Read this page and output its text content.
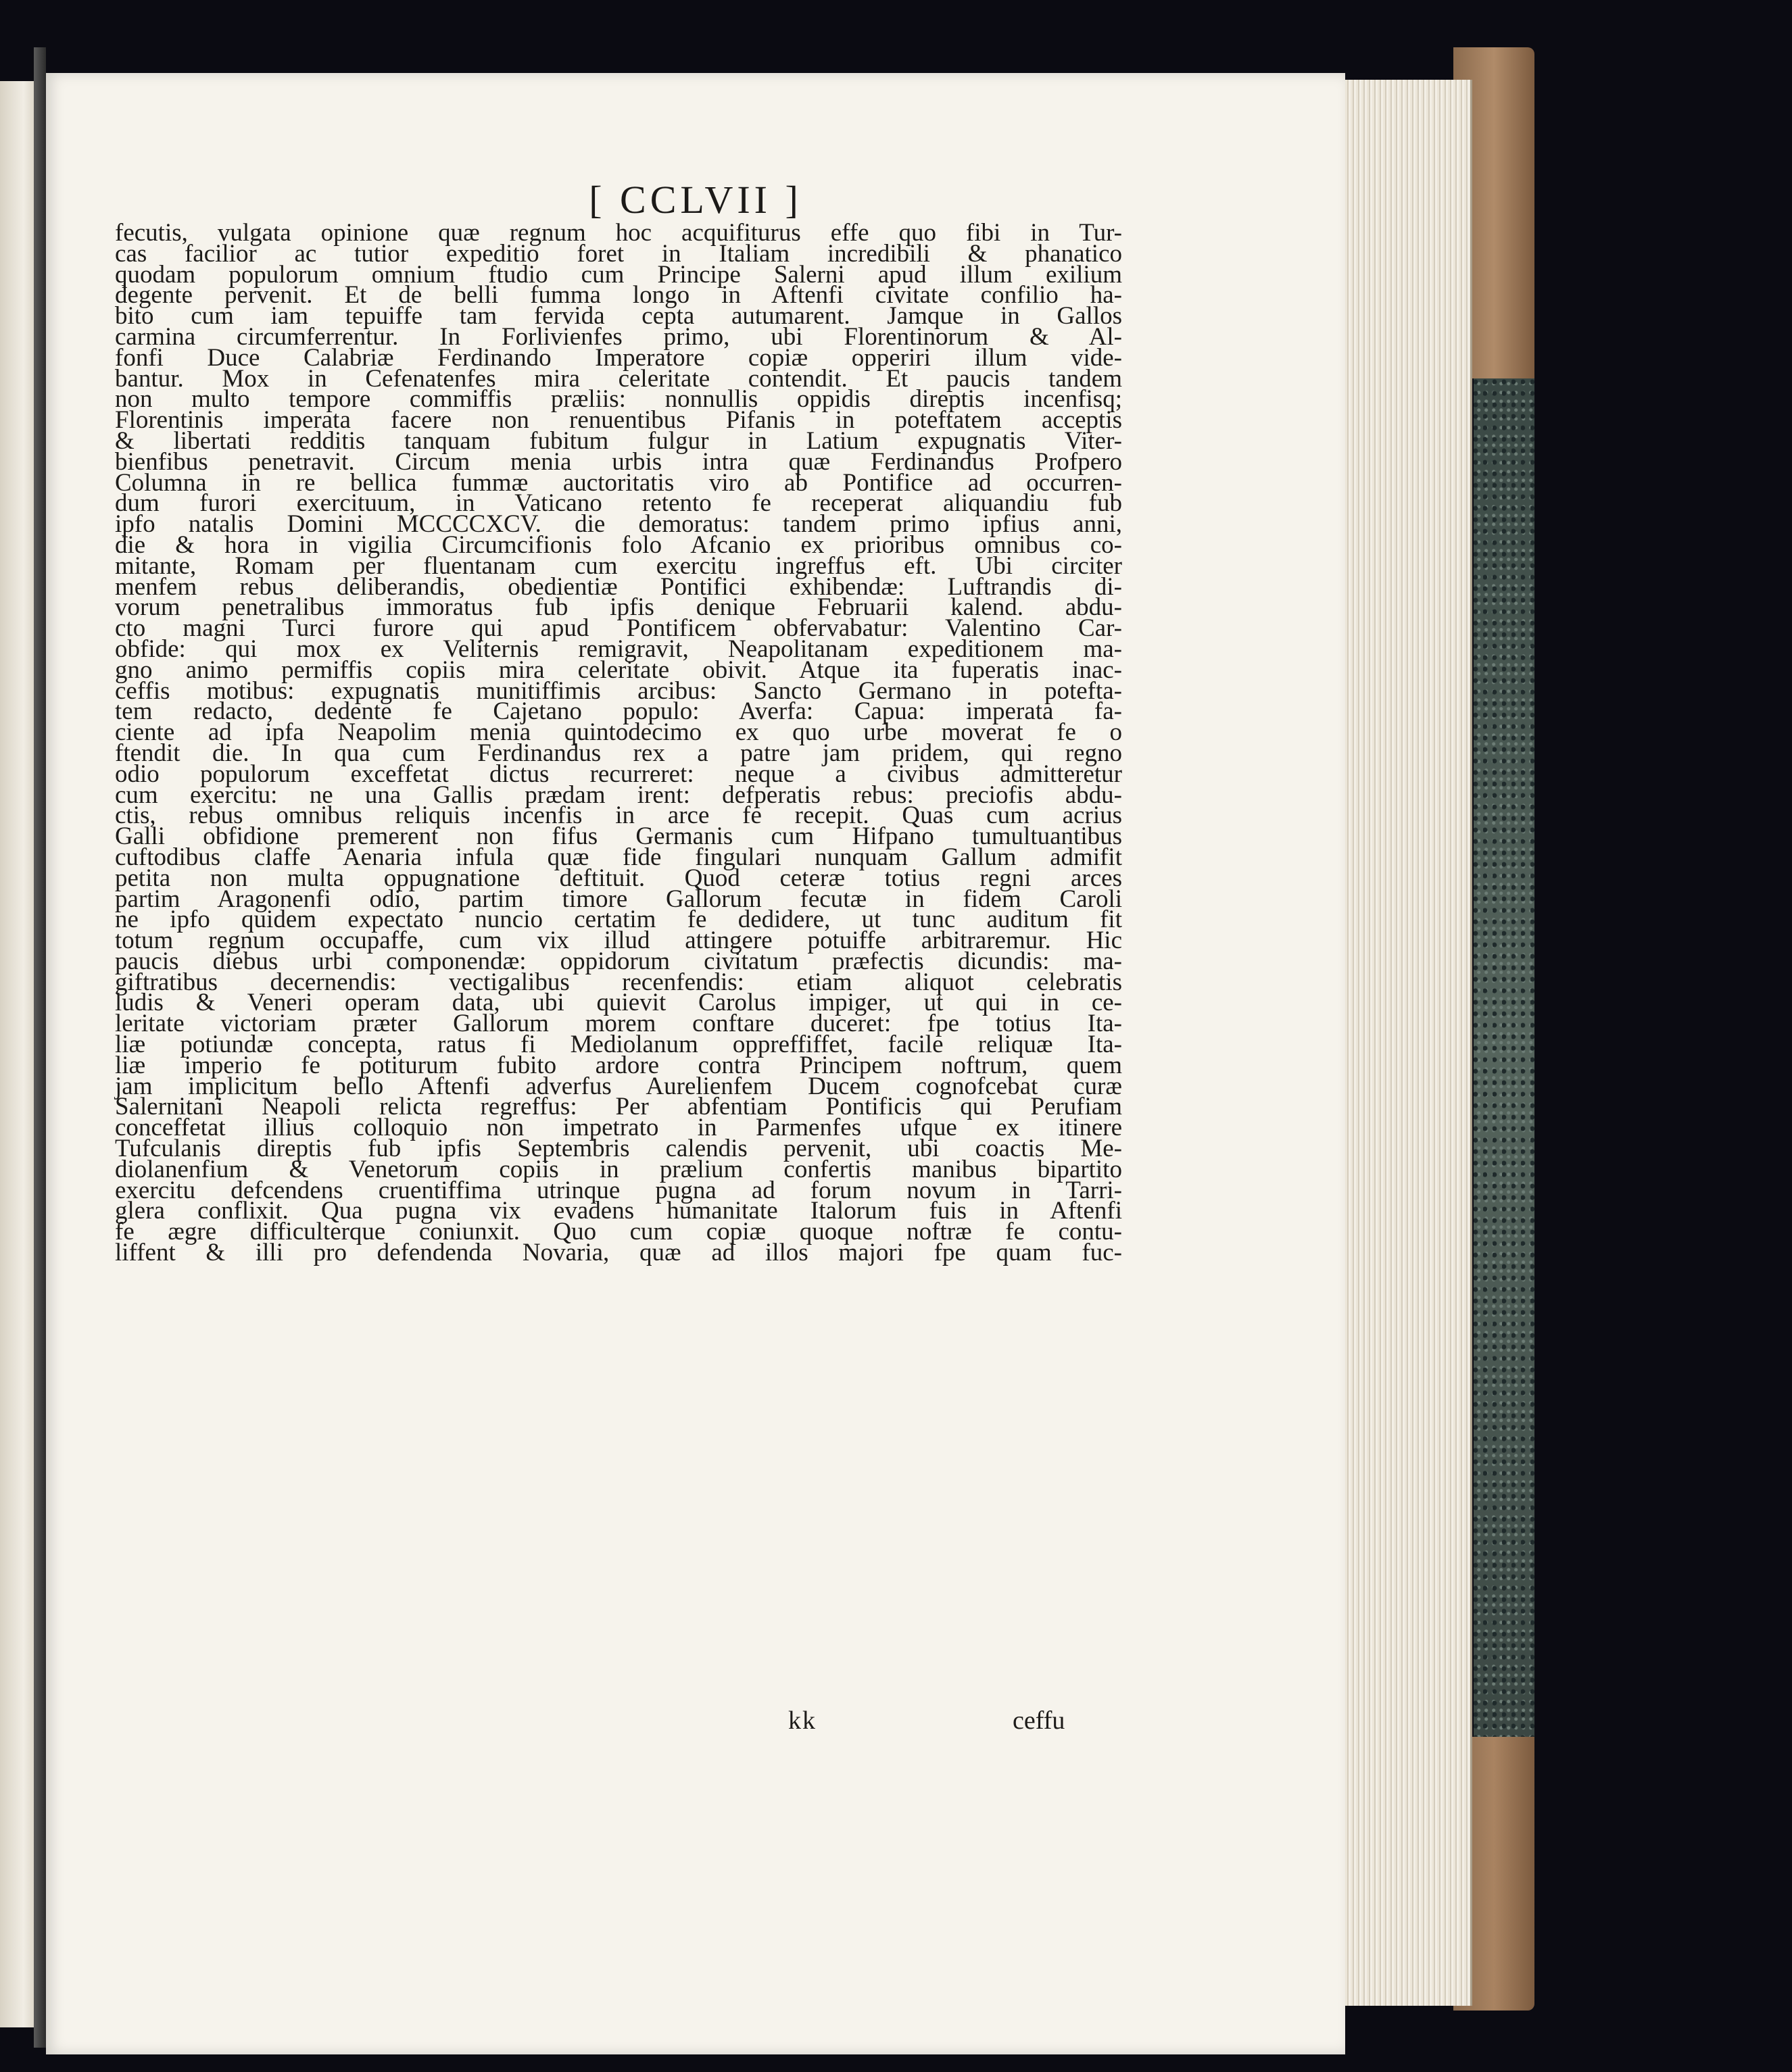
[ CCLVII ]
fecutis, vulgata opinione quæ regnum hoc acquifiturus effe quo fibi in Tur-
cas facilior ac tutior expeditio foret in Italiam incredibili & phanatico
quodam populorum omnium ftudio cum Principe Salerni apud illum exilium
degente pervenit. Et de belli fumma longo in Aftenfi civitate confilio ha-
bito cum iam tepuiffe tam fervida cepta autumarent. Jamque in Gallos
carmina circumferrentur. In Forlivienfes primo, ubi Florentinorum & Al-
fonfi Duce Calabriæ Ferdinando Imperatore copiæ opperiri illum vide-
bantur. Mox in Cefenatenfes mira celeritate contendit. Et paucis tandem
non multo tempore commiffis præliis: nonnullis oppidis direptis incenfisq;
Florentinis imperata facere non renuentibus Pifanis in poteftatem acceptis
& libertati redditis tanquam fubitum fulgur in Latium expugnatis Viter-
bienfibus penetravit. Circum menia urbis intra quæ Ferdinandus Profpero
Columna in re bellica fummæ auctoritatis viro ab Pontifice ad occurren-
dum furori exercituum, in Vaticano retento fe receperat aliquandiu fub
ipfo natalis Domini MCCCCXCV. die demoratus: tandem primo ipfius anni,
die & hora in vigilia Circumcifionis folo Afcanio ex prioribus omnibus co-
mitante, Romam per fluentanam cum exercitu ingreffus eft. Ubi circiter
menfem rebus deliberandis, obedientiæ Pontifici exhibendæ: Luftrandis di-
vorum penetralibus immoratus fub ipfis denique Februarii kalend. abdu-
cto magni Turci furore qui apud Pontificem obfervabatur: Valentino Car-
obfide: qui mox ex Veliternis remigravit, Neapolitanam expeditionem ma-
gno animo permiffis copiis mira celeritate obivit. Atque ita fuperatis inac-
ceffis motibus: expugnatis munitiffimis arcibus: Sancto Germano in potefta-
tem redacto, dedente fe Cajetano populo: Averfa: Capua: imperata fa-
ciente ad ipfa Neapolim menia quintodecimo ex quo urbe moverat fe o
ftendit die. In qua cum Ferdinandus rex a patre jam pridem, qui regno
odio populorum exceffetat dictus recurreret: neque a civibus admitteretur
cum exercitu: ne una Gallis prædam irent: defperatis rebus: preciofis abdu-
ctis, rebus omnibus reliquis incenfis in arce fe recepit. Quas cum acrius
Galli obfidione premerent non fifus Germanis cum Hifpano tumultuantibus
cuftodibus claffe Aenaria infula quæ fide fingulari nunquam Gallum admifit
petita non multa oppugnatione deftituit. Quod ceteræ totius regni arces
partim Aragonenfi odio, partim timore Gallorum fecutæ in fidem Caroli
ne ipfo quidem expectato nuncio certatim fe dedidere, ut tunc auditum fit
totum regnum occupaffe, cum vix illud attingere potuiffe arbitraremur. Hic
paucis diebus urbi componendæ: oppidorum civitatum præfectis dicundis: ma-
giftratibus decernendis: vectigalibus recenfendis: etiam aliquot celebratis
ludis & Veneri operam data, ubi quievit Carolus impiger, ut qui in ce-
leritate victoriam præter Gallorum morem conftare duceret: fpe totius Ita-
liæ potiundæ concepta, ratus fi Mediolanum oppreffiffet, facile reliquæ Ita-
liæ imperio fe potiturum fubito ardore contra Principem noftrum, quem
jam implicitum bello Aftenfi adverfus Aurelienfem Ducem cognofcebat curæ
Salernitani Neapoli relicta regreffus: Per abfentiam Pontificis qui Perufiam
conceffetat illius colloquio non impetrato in Parmenfes ufque ex itinere
Tufculanis direptis fub ipfis Septembris calendis pervenit, ubi coactis Me-
diolanenfium & Venetorum copiis in prælium confertis manibus bipartito
exercitu defcendens cruentiffima utrinque pugna ad forum novum in Tarri-
glera conflixit. Qua pugna vix evadens humanitate Italorum fuis in Aftenfi
fe ægre difficulterque coniunxit. Quo cum copiæ quoque noftræ fe contu-
liffent & illi pro defendenda Novaria, quæ ad illos majori fpe quam fuc-
kk	ceffu
